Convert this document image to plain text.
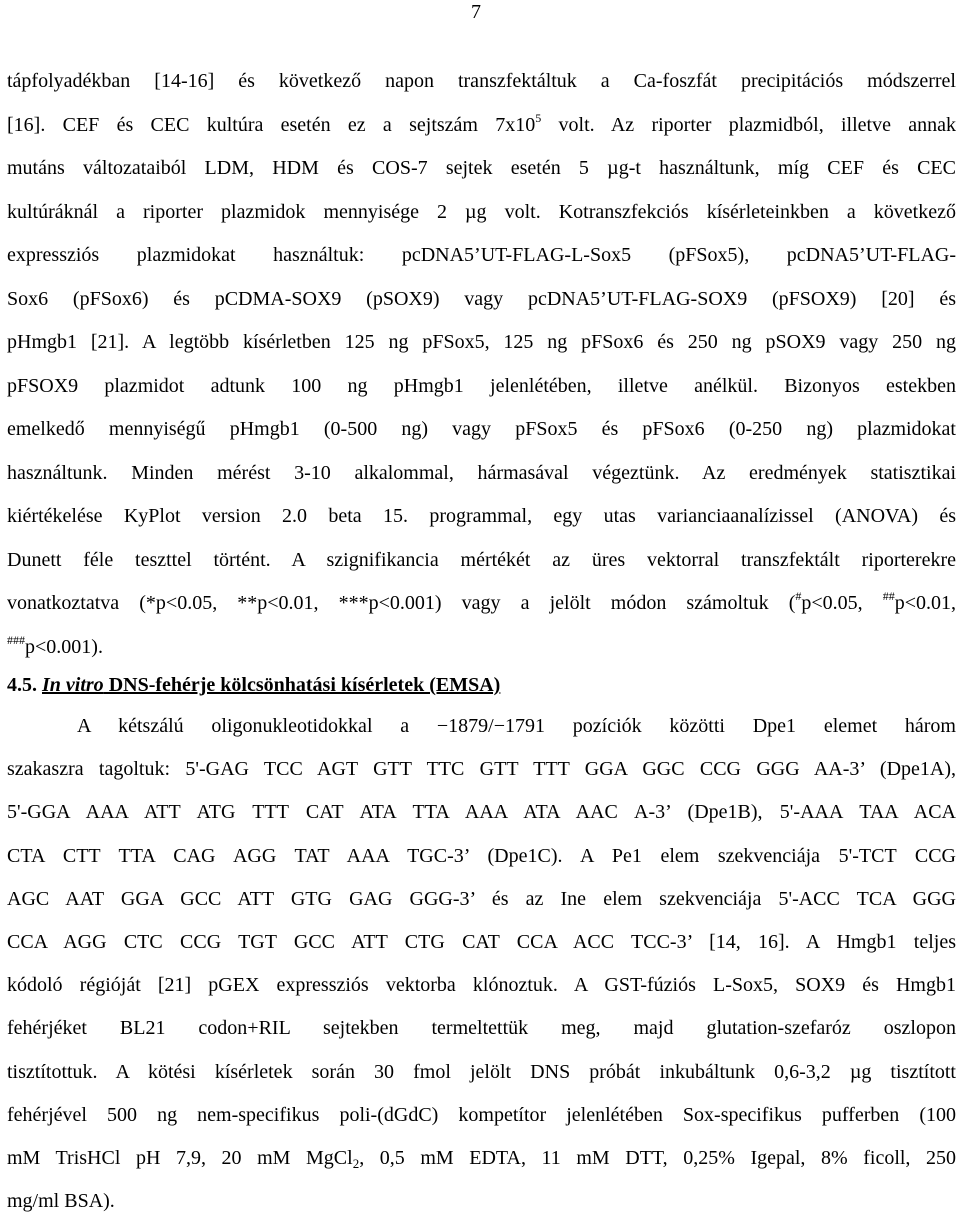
7
tápfolyadékban [14-16] és következő napon transzfektáltuk a Ca-foszfát precipitációs módszerrel
[16]. CEF és CEC kultúra esetén ez a sejtszám $7x10^5$ volt. Az riporter plazmidból, illetve annak
mutáns változataiból LDM, HDM és COS-7 sejtek esetén 5 µg-t használtunk, míg CEF és CEC
kultúráknál a riporter plazmidok mennyisége 2 µg volt. Kotranszfekciós kísérleteinkben a következő
expressziós plazmidokat használtuk: pcDNA5’UT-FLAG-L-Sox5 (pFSox5), pcDNA5’UT-FLAG-
Sox6 (pFSox6) és pCDMA-SOX9 (pSOX9) vagy pcDNA5’UT-FLAG-SOX9 (pFSOX9) [20] és
pHmgb1 [21]. A legtöbb kísérletben 125 ng pFSox5, 125 ng pFSox6 és 250 ng pSOX9 vagy 250 ng
pFSOX9 plazmidot adtunk 100 ng pHmgb1 jelenlétében, illetve anélkül. Bizonyos estekben
emelkedő mennyiségű pHmgb1 (0-500 ng) vagy pFSox5 és pFSox6 (0-250 ng) plazmidokat
használtunk. Minden mérést 3-10 alkalommal, hármasával végeztünk. Az eredmények statisztikai
kiértékelése KyPlot version 2.0 beta 15. programmal, egy utas varianciaanalízissel (ANOVA) és
Dunett féle teszttel történt. A szignifikancia mértékét az üres vektorral transzfektált riporterekre
vonatkoztatva (*p<0.05, **p<0.01, ***p<0.001) vagy a jelölt módon számoltuk (#p<0.05, ##p<0.01,
###p<0.001).
4.5. In vitro DNS-fehérje kölcsönhatási kísérletek (EMSA)
A kétszálú oligonukleotidokkal a −1879/−1791 pozíciók közötti Dpe1 elemet három
szakaszra tagoltuk: 5'-GAG TCC AGT GTT TTC GTT TTT GGA GGC CCG GGG AA-3’ (Dpe1A),
5'-GGA AAA ATT ATG TTT CAT ATA TTA AAA ATA AAC A-3’ (Dpe1B), 5'-AAA TAA ACA
CTA CTT TTA CAG AGG TAT AAA TGC-3’ (Dpe1C). A Pe1 elem szekvenciája 5'-TCT CCG
AGC AAT GGA GCC ATT GTG GAG GGG-3’ és az Ine elem szekvenciája 5'-ACC TCA GGG
CCA AGG CTC CCG TGT GCC ATT CTG CAT CCA ACC TCC-3’ [14, 16]. A Hmgb1 teljes
kódoló régióját [21] pGEX expressziós vektorba klónoztuk. A GST-fúziós L-Sox5, SOX9 és Hmgb1
fehérjéket BL21 codon+RIL sejtekben termeltettük meg, majd glutation-szefaróz oszlopon
tisztítottuk. A kötési kísérletek során 30 fmol jelölt DNS próbát inkubáltunk 0,6-3,2 µg tisztított
fehérjével 500 ng nem-specifikus poli-(dGdC) kompetítor jelenlétében Sox-specifikus pufferben (100
mM TrisHCl pH 7,9, 20 mM MgCl$_2$, 0,5 mM EDTA, 11 mM DTT, 0,25% Igepal, 8% ficoll, 250
mg/ml BSA).
